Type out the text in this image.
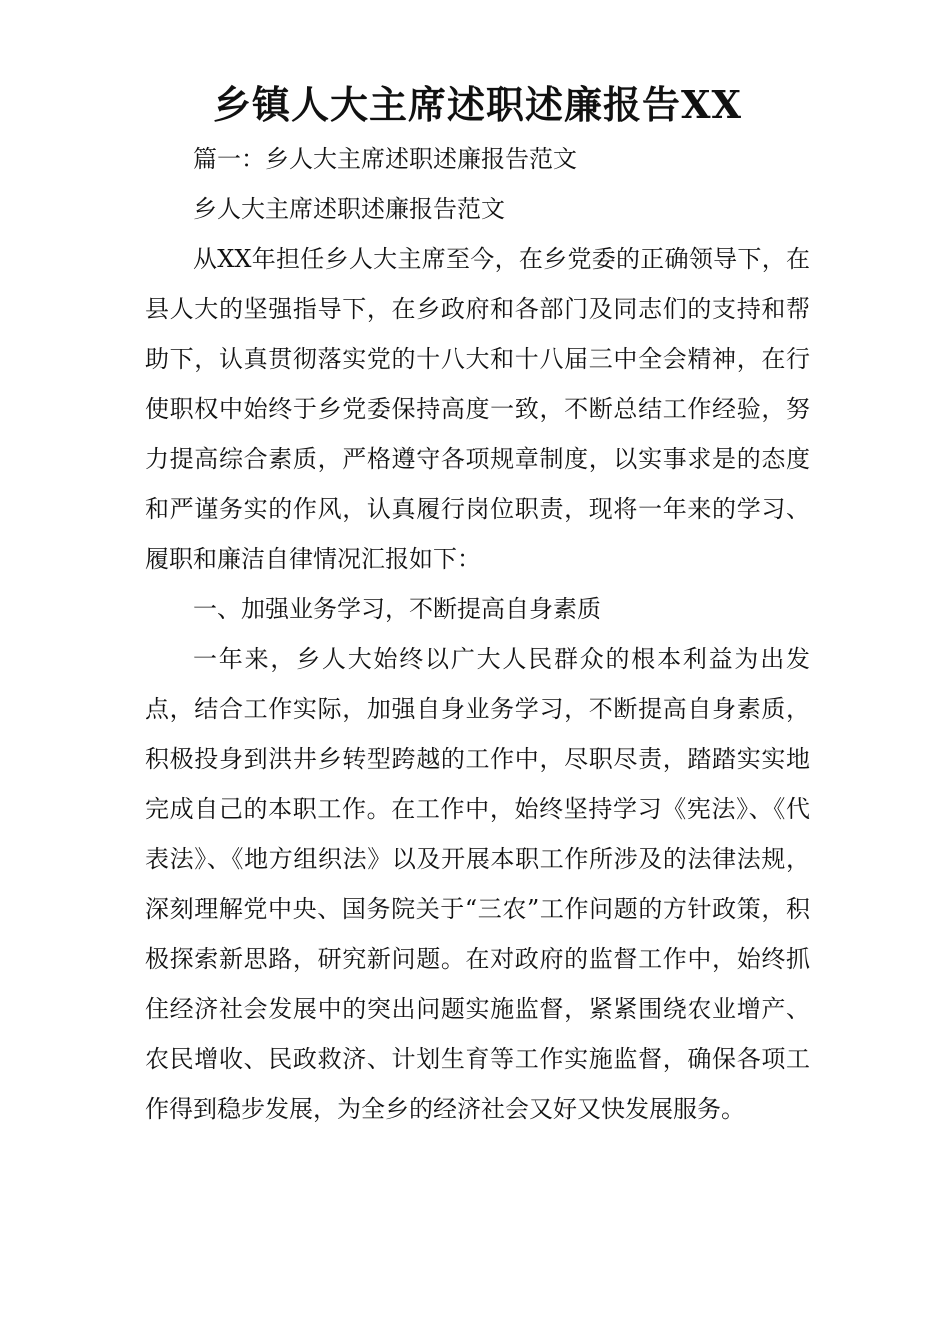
乡镇人大主席述职述廉报告XX

篇一：乡人大主席述职述廉报告范文

乡人大主席述职述廉报告范文

从XX年担任乡人大主席至今，在乡党委的正确领导下，在县人大的坚强指导下，在乡政府和各部门及同志们的支持和帮助下，认真贯彻落实党的十八大和十八届三中全会精神，在行使职权中始终于乡党委保持高度一致，不断总结工作经验，努力提高综合素质，严格遵守各项规章制度，以实事求是的态度和严谨务实的作风，认真履行岗位职责，现将一年来的学习、履职和廉洁自律情况汇报如下：

一、加强业务学习，不断提高自身素质

一年来，乡人大始终以广大人民群众的根本利益为出发点，结合工作实际，加强自身业务学习，不断提高自身素质，积极投身到洪井乡转型跨越的工作中，尽职尽责，踏踏实实地完成自己的本职工作。在工作中，始终坚持学习《宪法》、《代表法》、《地方组织法》以及开展本职工作所涉及的法律法规，深刻理解党中央、国务院关于“三农”工作问题的方针政策，积极探索新思路，研究新问题。在对政府的监督工作中，始终抓住经济社会发展中的突出问题实施监督，紧紧围绕农业增产、农民增收、民政救济、计划生育等工作实施监督，确保各项工作得到稳步发展，为全乡的经济社会又好又快发展服务。
